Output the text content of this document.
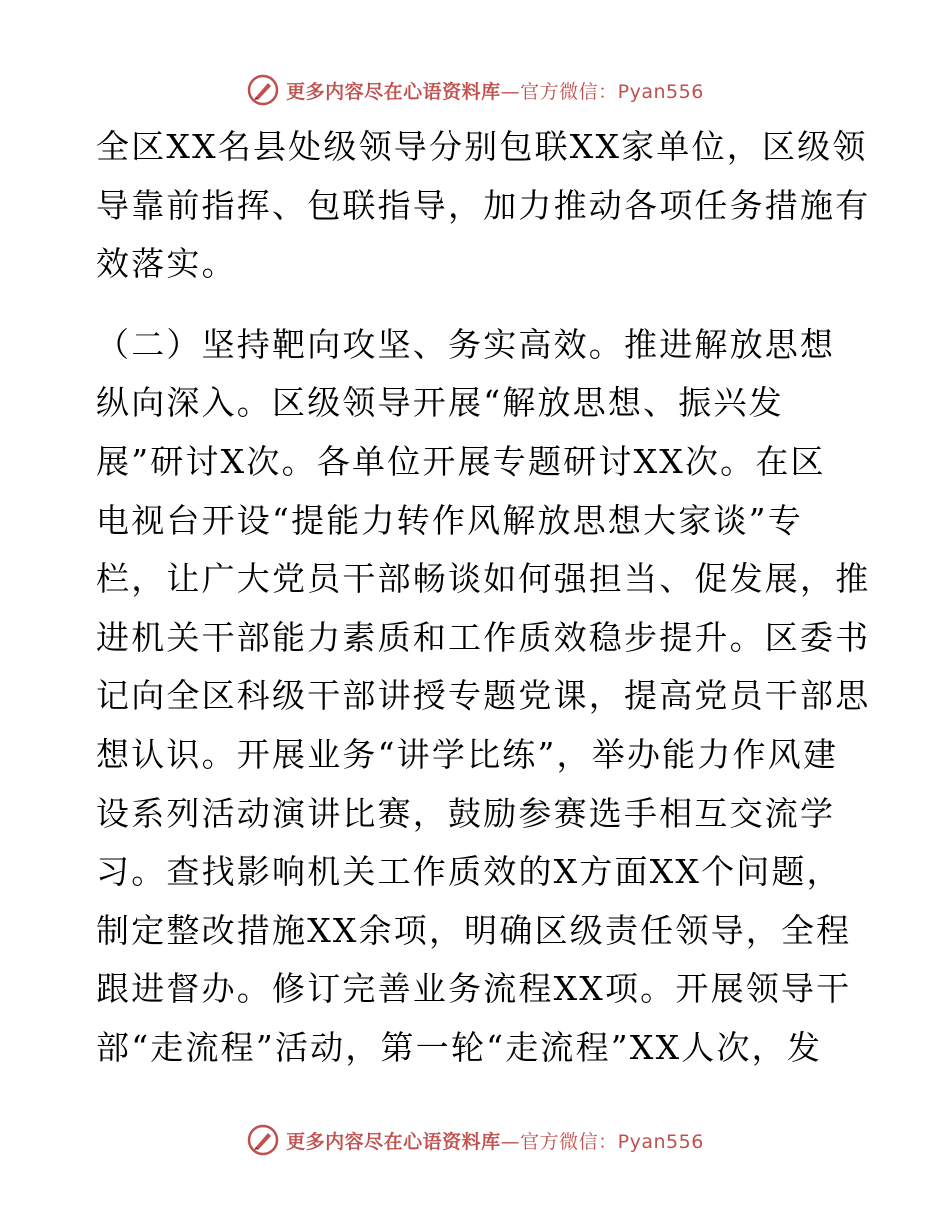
更多内容尽在心语资料库—官方微信：Pyan556
全区XX名县处级领导分别包联XX家单位，区级领
导靠前指挥、包联指导，加力推动各项任务措施有
效落实。
（二）坚持靶向攻坚、务实高效。推进解放思想
纵向深入。区级领导开展“解放思想、振兴发
展”研讨X次。各单位开展专题研讨XX次。在区
电视台开设“提能力转作风解放思想大家谈”专
栏，让广大党员干部畅谈如何强担当、促发展，推
进机关干部能力素质和工作质效稳步提升。区委书
记向全区科级干部讲授专题党课，提高党员干部思
想认识。开展业务“讲学比练”，举办能力作风建
设系列活动演讲比赛，鼓励参赛选手相互交流学
习。查找影响机关工作质效的X方面XX个问题，
制定整改措施XX余项，明确区级责任领导，全程
跟进督办。修订完善业务流程XX项。开展领导干
部“走流程”活动，第一轮“走流程”XX人次，发
更多内容尽在心语资料库—官方微信：Pyan556
